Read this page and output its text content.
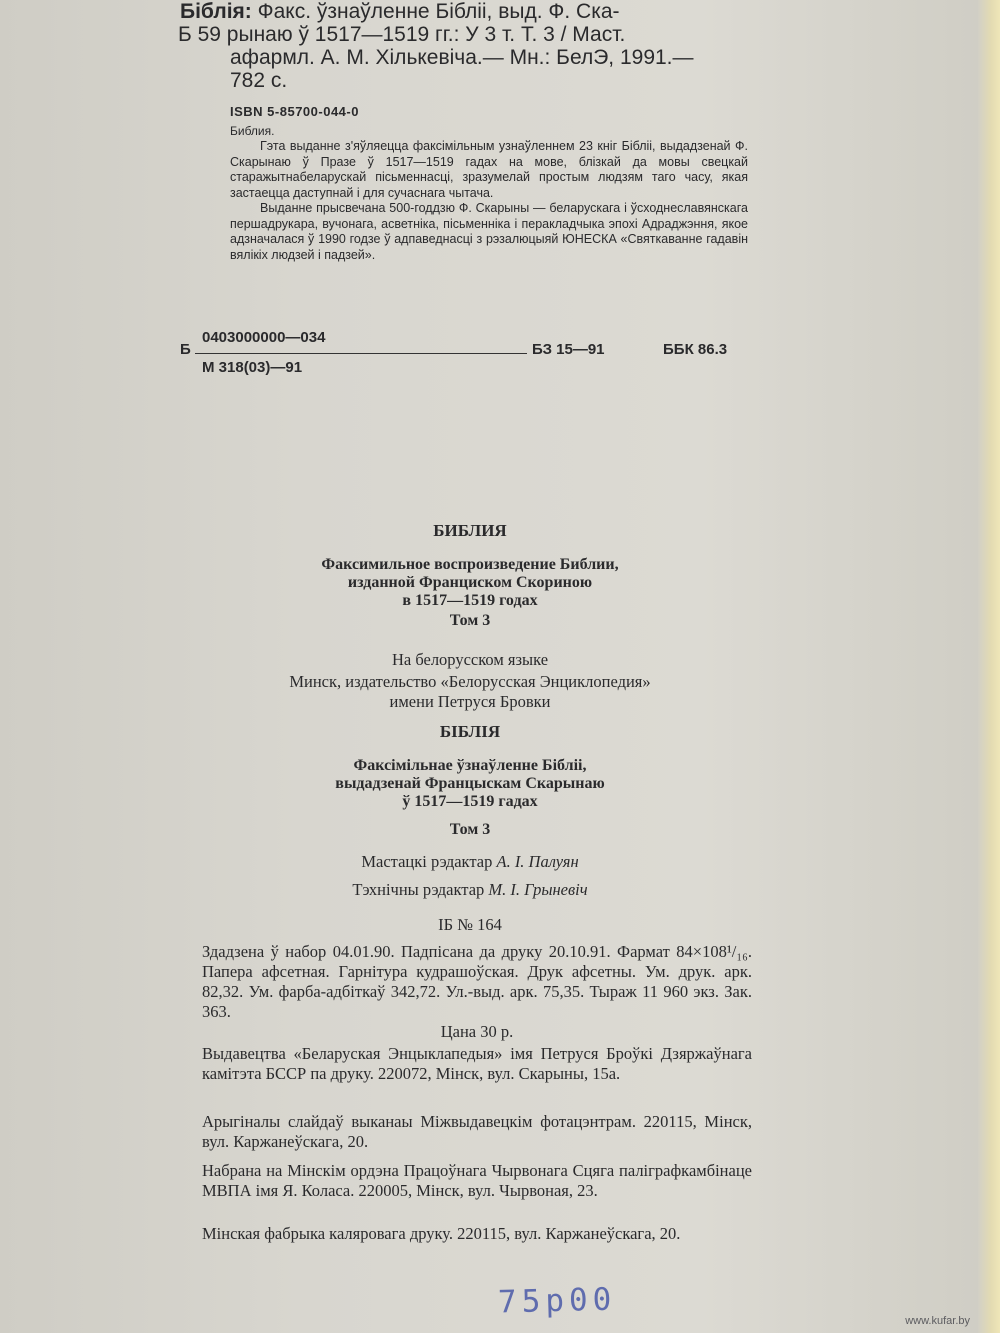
Біблія: Факс. ўзнаўленне Бібліі, выд. Ф. Ска-
Б 59 рынаю ў 1517—1519 гг.: У 3 т. Т. 3 / Маст.
афармл. А. М. Хількевіча.— Мн.: БелЭ, 1991.—
782 с.
ISBN 5-85700-044-0
Библия.

Гэта выданне з'яўляецца факсімільным узнаўленнем 23 кніг Бібліі, выдадзенай Ф. Скарынаю ў Празе ў 1517—1519 гадах на мове, блізкай да мовы свецкай старажытнабеларускай пісьменнасці, зразумелай простым людзям таго часу, якая застаецца даступнай і для сучаснага чытача.

Выданне прысвечана 500-годдзю Ф. Скарыны — беларускага і ўсходнеславянскага першадрукара, вучонага, асветніка, пісьменніка і перакладчыка эпохі Адраджэння, якое адзначалася ў 1990 годзе ў адпаведнасці з рэзалюцыяй ЮНЕСКА «Святкаванне гадавін вялікіх людзей і падзей».

Б
0403000000—034
БЗ 15—91
М 318(03)—91
ББК 86.3
БИБЛИЯ
Факсимильное воспроизведение Библии,
изданной Франциском Скориною
в 1517—1519 годах
Том 3
На белорусском языке
Минск, издательство «Белорусская Энциклопедия»
имени Петруся Бровки
БІБЛІЯ
Факсімільнае ўзнаўленне Бібліі,
выдадзенай Францыскам Скарынаю
ў 1517—1519 гадах
Том 3
Мастацкі рэдактар А. І. Палуян
Тэхнічны рэдактар М. І. Грыневіч
ІБ № 164
Здадзена ў набор 04.01.90. Падпісана да друку 20.10.91. Фармат 84×108¹/₁₆. Папера афсетная. Гарнітура кудрашоўская. Друк афсетны. Ум. друк. арк. 82,32. Ум. фарба-адбіткаў 342,72. Ул.-выд. арк. 75,35. Тыраж 11 960 экз. Зак. 363.
Цана 30 р.
Выдавецтва «Беларуская Энцыклапедыя» імя Петруся Броўкі Дзяржаўнага камітэта БССР па друку. 220072, Мінск, вул. Скарыны, 15а.
Арыгіналы слайдаў выканаы Міжвыдавецкім фотацэнтрам. 220115, Мінск, вул. Каржанеўскага, 20.
Набрана на Мінскім ордэна Працоўнага Чырвонага Сцяга паліграфкамбінаце МВПА імя Я. Коласа. 220005, Мінск, вул. Чырвоная, 23.
Мінская фабрыка каляровага друку. 220115, вул. Каржанеўскага, 20.
75р00
www.kufar.by
